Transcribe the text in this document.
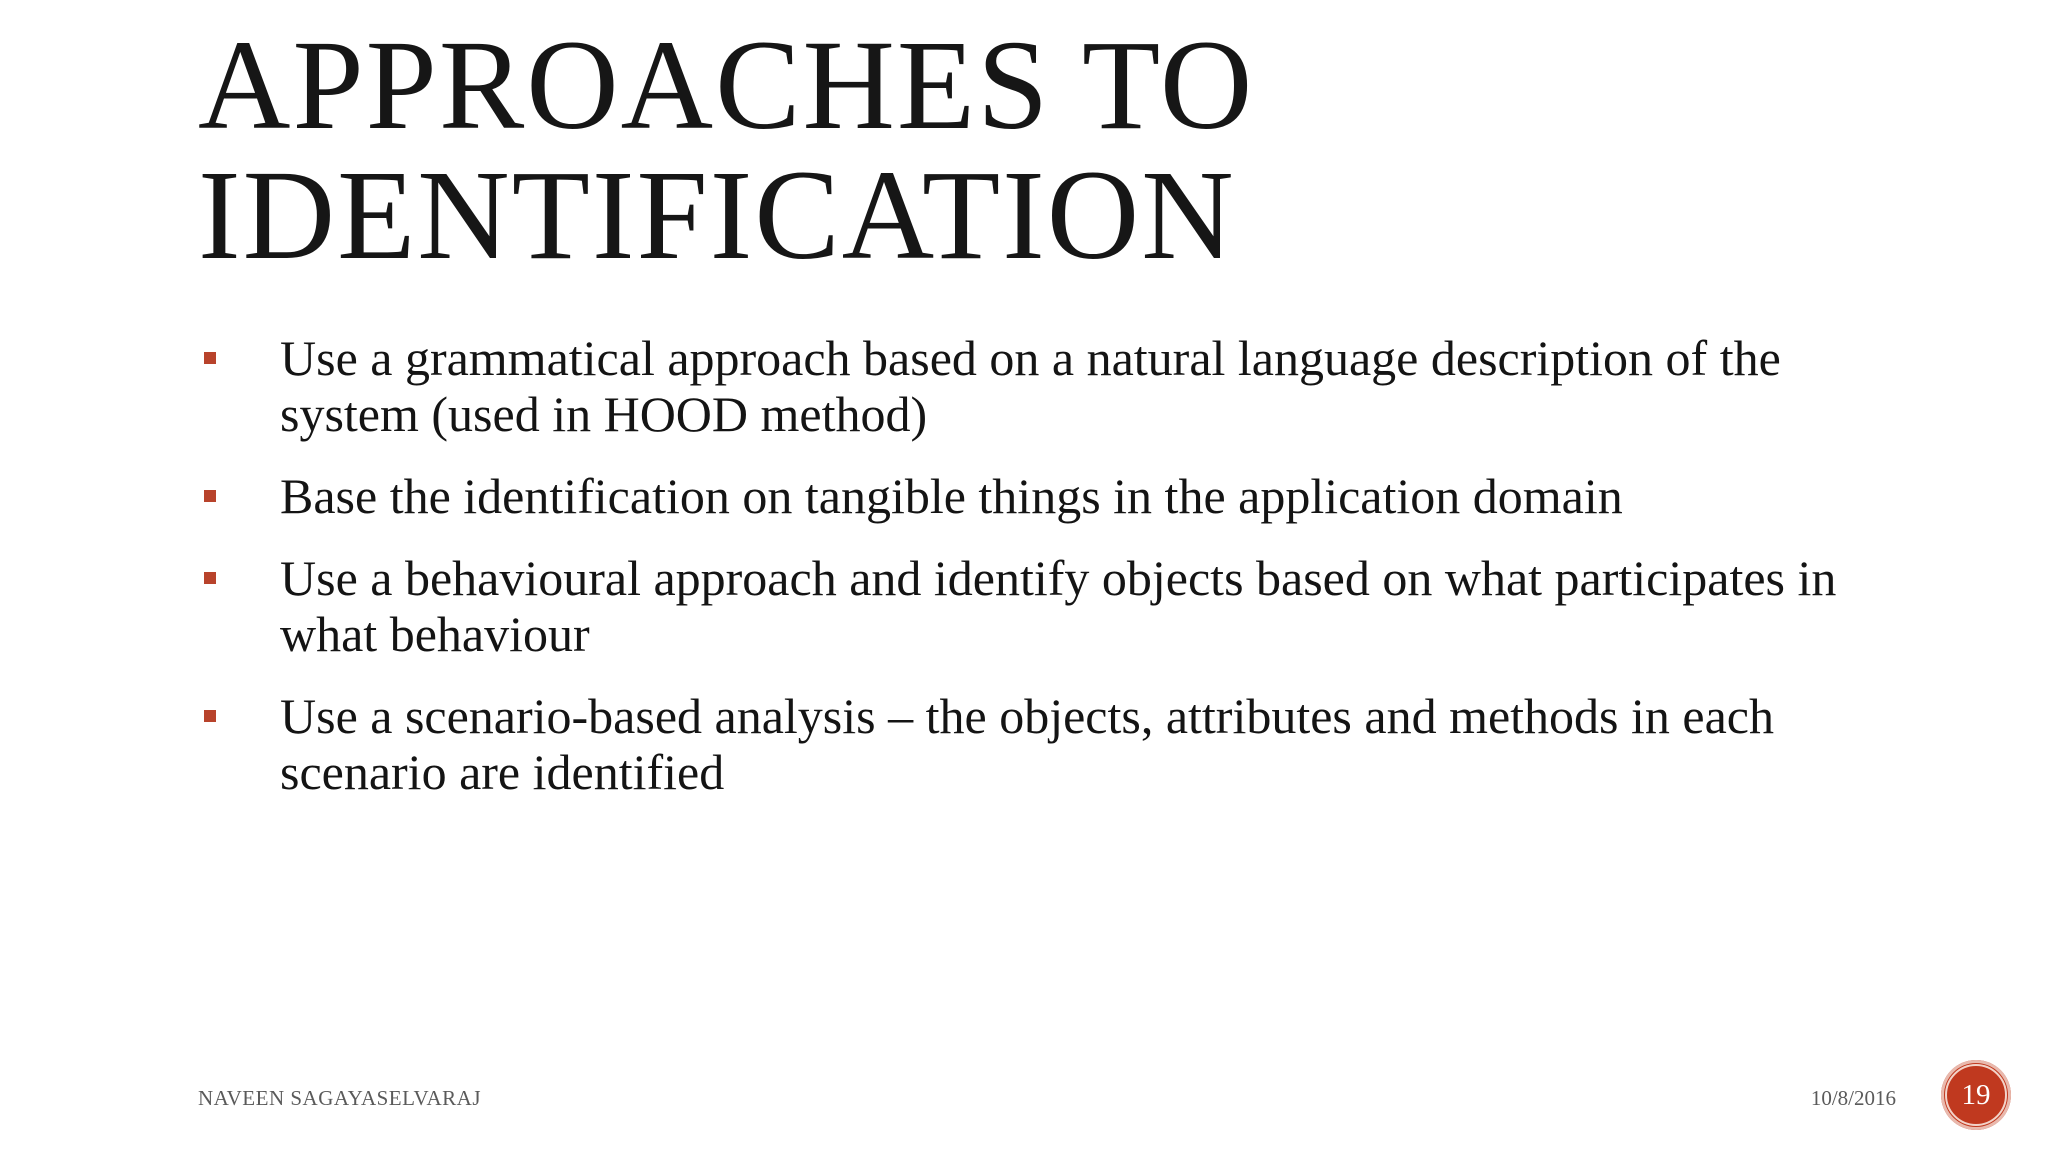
APPROACHES TO
IDENTIFICATION
Use a grammatical approach based on a natural language description of the system (used in HOOD method)
Base the identification on tangible things in the application domain
Use a behavioural approach and identify objects based on what participates in what behaviour
Use a scenario-based analysis – the objects, attributes and methods in each scenario are identified
NAVEEN SAGAYASELVARAJ	10/8/2016	19
